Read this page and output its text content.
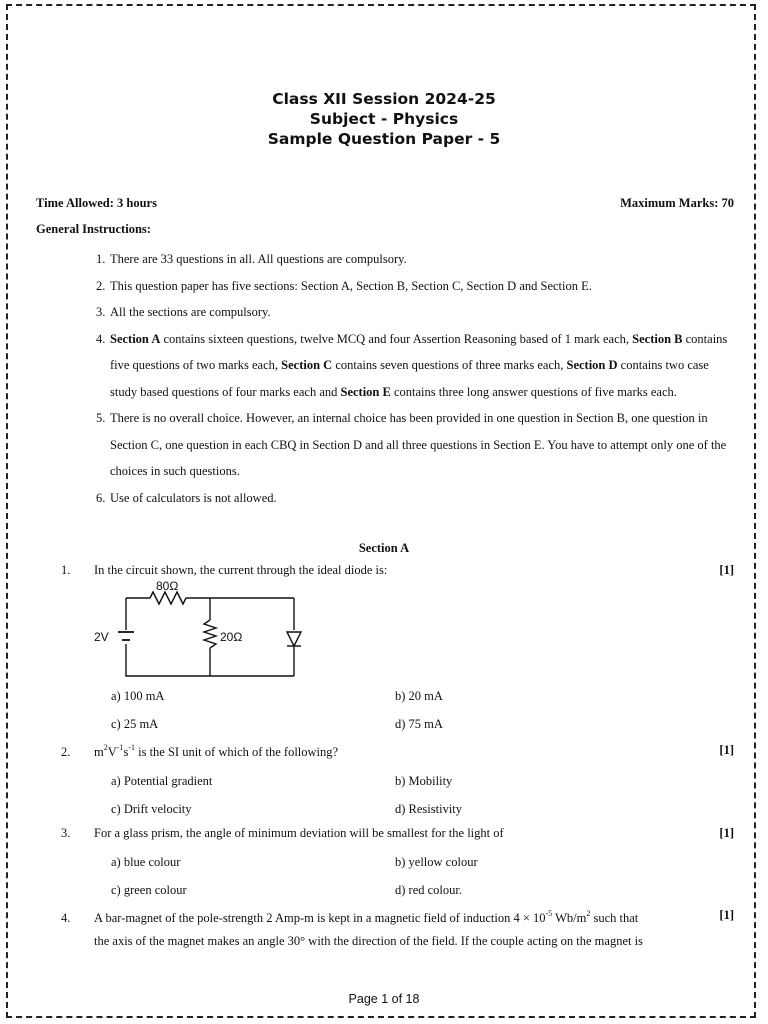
Class XII Session 2024-25
Subject - Physics
Sample Question Paper - 5
Time Allowed: 3 hours	Maximum Marks: 70
General Instructions:
1. There are 33 questions in all. All questions are compulsory.
2. This question paper has five sections: Section A, Section B, Section C, Section D and Section E.
3. All the sections are compulsory.
4. Section A contains sixteen questions, twelve MCQ and four Assertion Reasoning based of 1 mark each, Section B contains five questions of two marks each, Section C contains seven questions of three marks each, Section D contains two case study based questions of four marks each and Section E contains three long answer questions of five marks each.
5. There is no overall choice. However, an internal choice has been provided in one question in Section B, one question in Section C, one question in each CBQ in Section D and all three questions in Section E. You have to attempt only one of the choices in such questions.
6. Use of calculators is not allowed.
Section A
1. In the circuit shown, the current through the ideal diode is:	[1]
80Ω
20Ω
2V
a) 100 mA	b) 20 mA
c) 25 mA	d) 75 mA
2. $m^2V^{-1}s^{-1}$ is the SI unit of which of the following?	[1]
a) Potential gradient	b) Mobility
c) Drift velocity	d) Resistivity
3. For a glass prism, the angle of minimum deviation will be smallest for the light of	[1]
a) blue colour	b) yellow colour
c) green colour	d) red colour.
4. A bar-magnet of the pole-strength 2 Amp-m is kept in a magnetic field of induction $4 \times 10^{-5}$ $Wb/m^2$ such that	[1]
the axis of the magnet makes an angle 30° with the direction of the field. If the couple acting on the magnet is
Page 1 of 18
